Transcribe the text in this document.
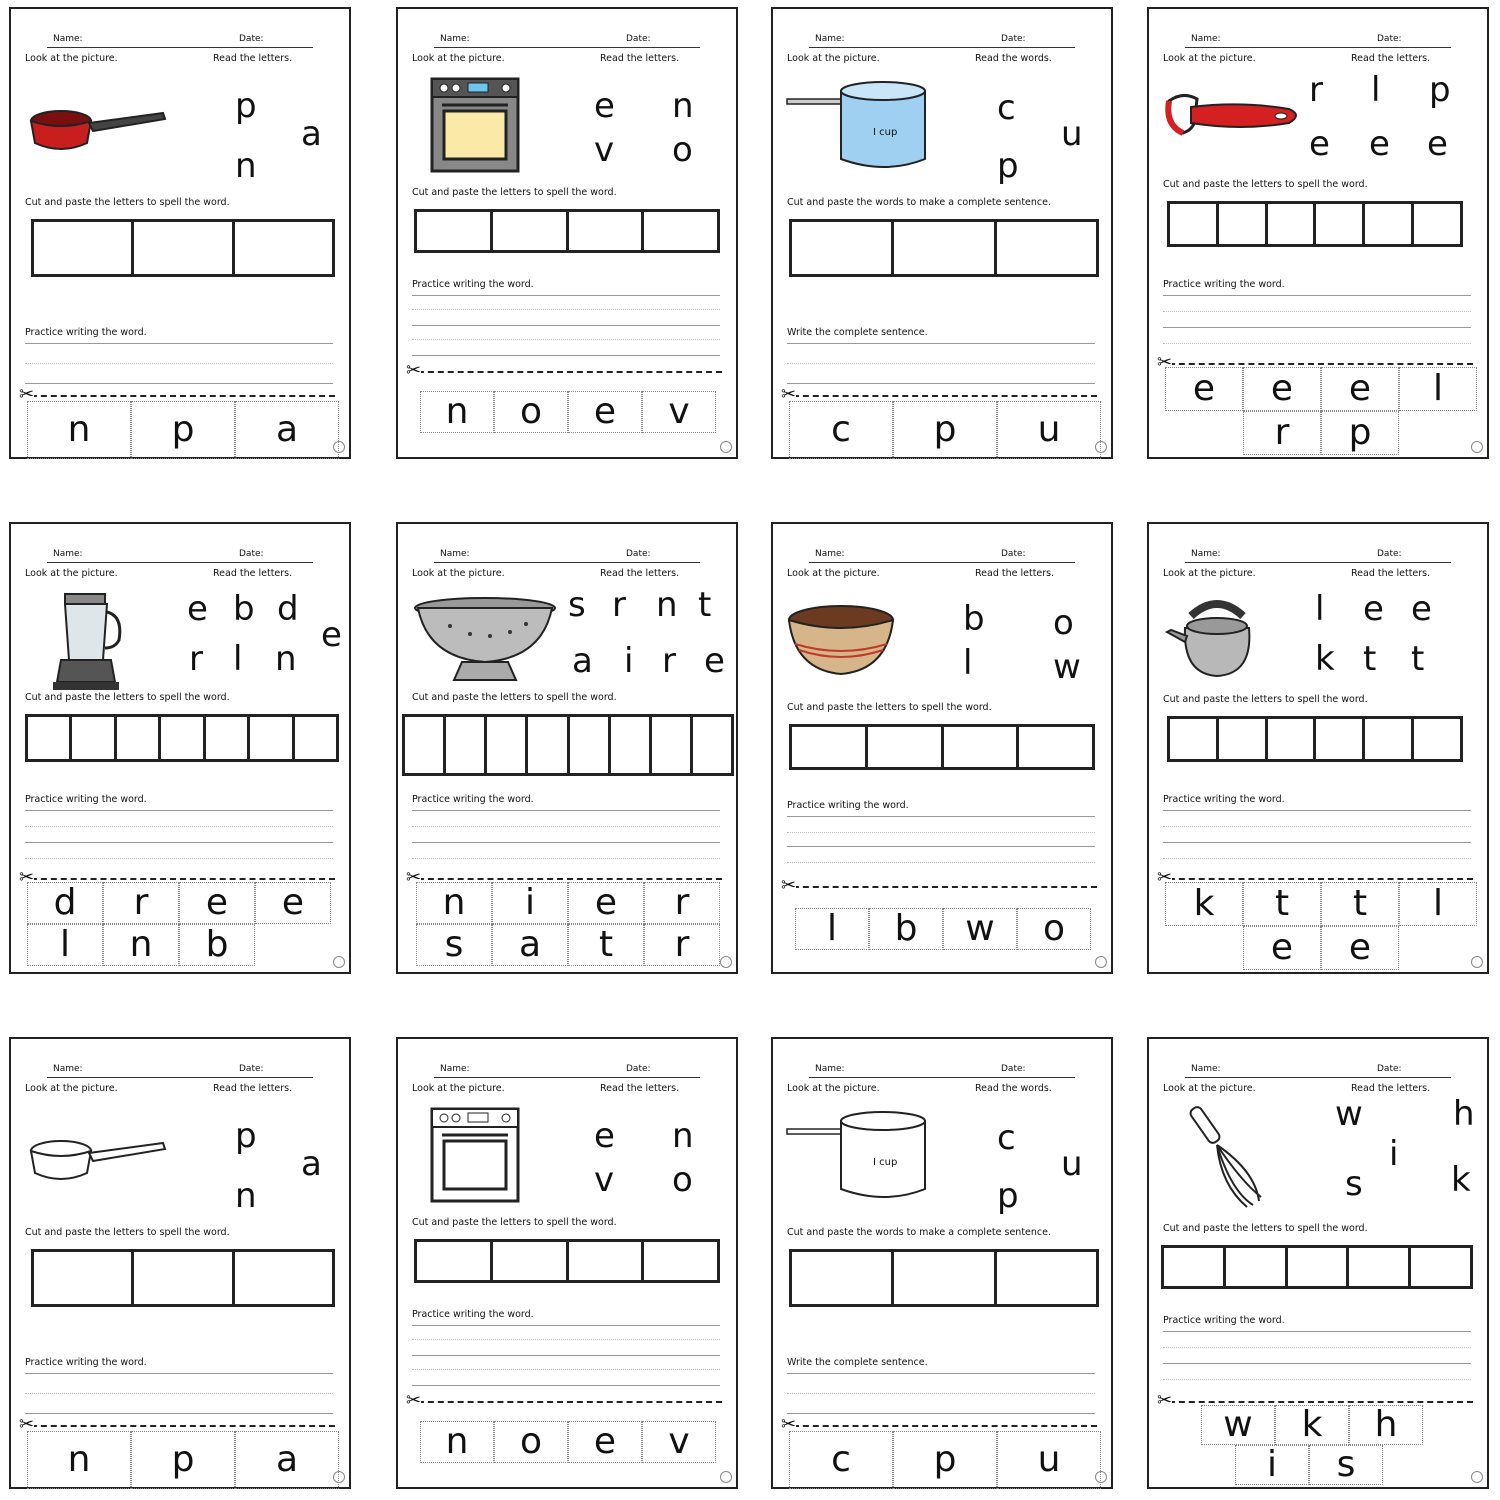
Name:	Date:
Look at the picture.	Read the letters.
p
a
n
Cut and paste the letters to spell the word.
Practice writing the word.
✂
n	p	a
Name:	Date:
Look at the picture.	Read the letters.
e n
v o
Cut and paste the letters to spell the word.
Practice writing the word.
✂
n	o	e	v
Name:	Date:
Look at the picture.	Read the words.
I cup
c
u
p
Cut and paste the words to make a complete sentence.
Write the complete sentence.
✂
c	p	u
Name:	Date:
Look at the picture.	Read the letters.
r l p
e e e
Cut and paste the letters to spell the word.
Practice writing the word.
✂
e	e	e	l
r	p
Name:	Date:
Look at the picture.	Read the letters.
e b d
e
r l n
Cut and paste the letters to spell the word.
Practice writing the word.
✂
d	r	e	e
l	n	b
Name:	Date:
Look at the picture.	Read the letters.
s r n t
a i r e
Cut and paste the letters to spell the word.
Practice writing the word.
✂
n	i	e	r
s	a	t	r
Name:	Date:
Look at the picture.	Read the letters.
b o
l w
Cut and paste the letters to spell the word.
Practice writing the word.
✂
l	b	w	o
Name:	Date:
Look at the picture.	Read the letters.
l e e
k t t
Cut and paste the letters to spell the word.
Practice writing the word.
✂
k	t	t	l
e	e
Name:	Date:
Look at the picture.	Read the letters.
p
a
n
Cut and paste the letters to spell the word.
Practice writing the word.
✂
n	p	a
Name:	Date:
Look at the picture.	Read the letters.
e n
v o
Cut and paste the letters to spell the word.
Practice writing the word.
✂
n	o	e	v
Name:	Date:
Look at the picture.	Read the words.
I cup
c
u
p
Cut and paste the words to make a complete sentence.
Write the complete sentence.
✂
c	p	u
Name:	Date:
Look at the picture.	Read the letters.
w	h
i
s	k
Cut and paste the letters to spell the word.
Practice writing the word.
✂
w	k	h
i	s
